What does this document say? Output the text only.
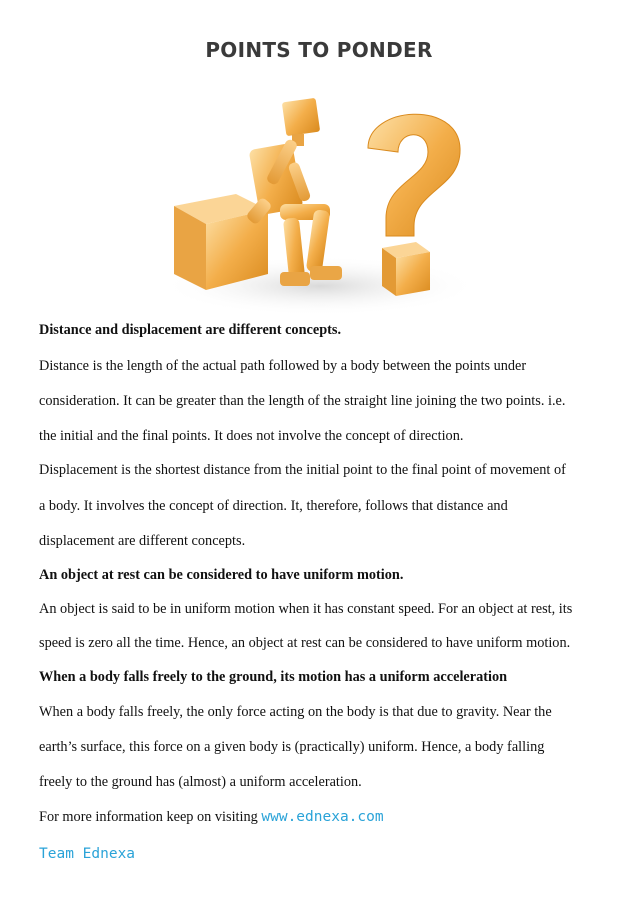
POINTS TO PONDER
Distance and displacement are different concepts.
Distance is the length of the actual path followed by a body between the points under
consideration. It can be greater than the length of the straight line joining the two points. i.e.
the initial and the final points. It does not involve the concept of direction.
Displacement is the shortest distance from the initial point to the final point of movement of
a body. It involves the concept of direction. It, therefore, follows that distance and
displacement are different concepts.
An object at rest can be considered to have uniform motion.
An object is said to be in uniform motion when it has constant speed. For an object at rest, its
speed is zero all the time. Hence, an object at rest can be considered to have uniform motion.
When a body falls freely to the ground, its motion has a uniform acceleration
When a body falls freely, the only force acting on the body is that due to gravity. Near the
earth’s surface, this force on a given body is (practically) uniform. Hence, a body falling
freely to the ground has (almost) a uniform acceleration.
For more information keep on visiting www.ednexa.com
Team Ednexa
